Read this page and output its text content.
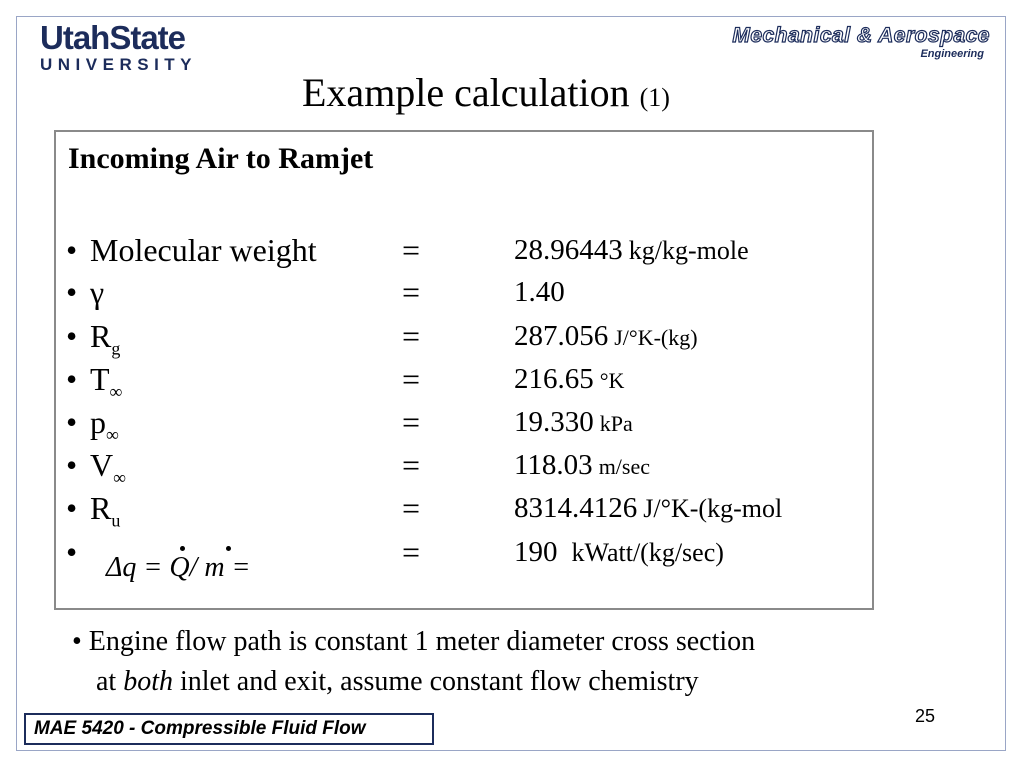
UtahState
UNIVERSITY
Mechanical & Aerospace
Engineering
Example calculation (1)
Incoming Air to Ramjet
• Molecular weight	=	28.96443 kg/kg-mole
• γ	=	1.40
• $R_g$	=	287.056 J/°K-(kg)
• $T_\infty$	=	216.65 °K
• $p_\infty$	=	19.330 kPa
• $V_\infty$	=	118.03 m/sec
• $R_u$	=	8314.4126 J/°K-(kg-mol
• Δq = Q/ m =	=	190 kWatt/(kg/sec)
• Engine flow path is constant 1 meter diameter cross section
at both inlet and exit, assume constant flow chemistry
MAE 5420 - Compressible Fluid Flow
25
